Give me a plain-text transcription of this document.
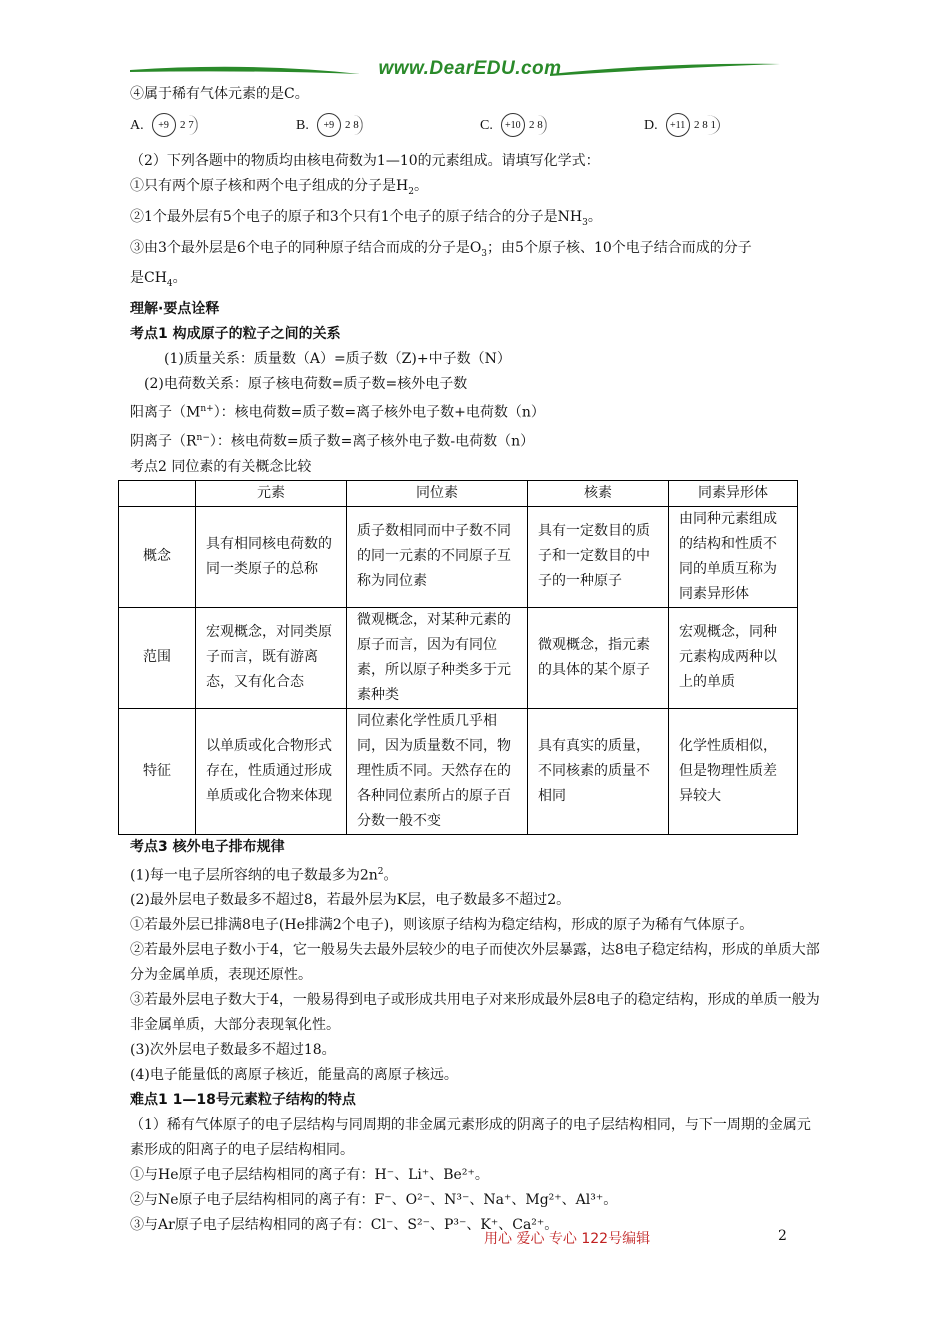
www.DearEDU.com
④属于稀有气体元素的是C。
A.	+9 2 7	B.	+9 2 8	C.	+10 2 8	D.	+11 2 8 1
（2）下列各题中的物质均由核电荷数为1—10的元素组成。请填写化学式：
①只有两个原子核和两个电子组成的分子是$H_2$。
②1个最外层有5个电子的原子和3个只有1个电子的原子结合的分子是$NH_3$。
③由3个最外层是6个电子的同种原子结合而成的分子是$O_3$；由5个原子核、10个电子结合而成的分子
是$CH_4$。
理解·要点诠释
考点1 构成原子的粒子之间的关系
(1)质量关系：质量数（A）=质子数（Z)+中子数（N）
(2)电荷数关系：原子核电荷数=质子数=核外电子数
阳离子$(M^{n+})$：核电荷数=质子数=离子核外电子数+电荷数（n）
阴离子$(R^{n-})$：核电荷数=质子数=离子核外电子数-电荷数（n）
考点2 同位素的有关概念比较
	元素	同位素	核素	同素异形体
概念	具有相同核电荷数的同一类原子的总称	质子数相同而中子数不同的同一元素的不同原子互称为同位素	具有一定数目的质子和一定数目的中子的一种原子	由同种元素组成的结构和性质不同的单质互称为同素异形体
范围	宏观概念，对同类原子而言，既有游离态，又有化合态	微观概念，对某种元素的原子而言，因为有同位素，所以原子种类多于元素种类	微观概念，指元素的具体的某个原子	宏观概念，同种元素构成两种以上的单质
特征	以单质或化合物形式存在，性质通过形成单质或化合物来体现	同位素化学性质几乎相同，因为质量数不同，物理性质不同。天然存在的各种同位素所占的原子百分数一般不变	具有真实的质量，不同核素的质量不相同	化学性质相似，但是物理性质差异较大
考点3 核外电子排布规律
(1)每一电子层所容纳的电子数最多为$2n^2$。
(2)最外层电子数最多不超过8，若最外层为K层，电子数最多不超过2。
①若最外层已排满8电子(He排满2个电子)，则该原子结构为稳定结构，形成的原子为稀有气体原子。
②若最外层电子数小于4，它一般易失去最外层较少的电子而使次外层暴露，达8电子稳定结构，形成的单质大部分为金属单质，表现还原性。
③若最外层电子数大于4，一般易得到电子或形成共用电子对来形成最外层8电子的稳定结构，形成的单质一般为非金属单质，大部分表现氧化性。
(3)次外层电子数最多不超过18。
(4)电子能量低的离原子核近，能量高的离原子核远。
难点1 1—18号元素粒子结构的特点
（1）稀有气体原子的电子层结构与同周期的非金属元素形成的阴离子的电子层结构相同，与下一周期的金属元素形成的阳离子的电子层结构相同。
①与He原子电子层结构相同的离子有：H⁻、Li⁺、Be²⁺。
②与Ne原子电子层结构相同的离子有：F⁻、O²⁻、N³⁻、Na⁺、Mg²⁺、Al³⁺。
③与Ar原子电子层结构相同的离子有：Cl⁻、S²⁻、P³⁻、K⁺、Ca²⁺。
用心 爱心 专心 122号编辑	2
